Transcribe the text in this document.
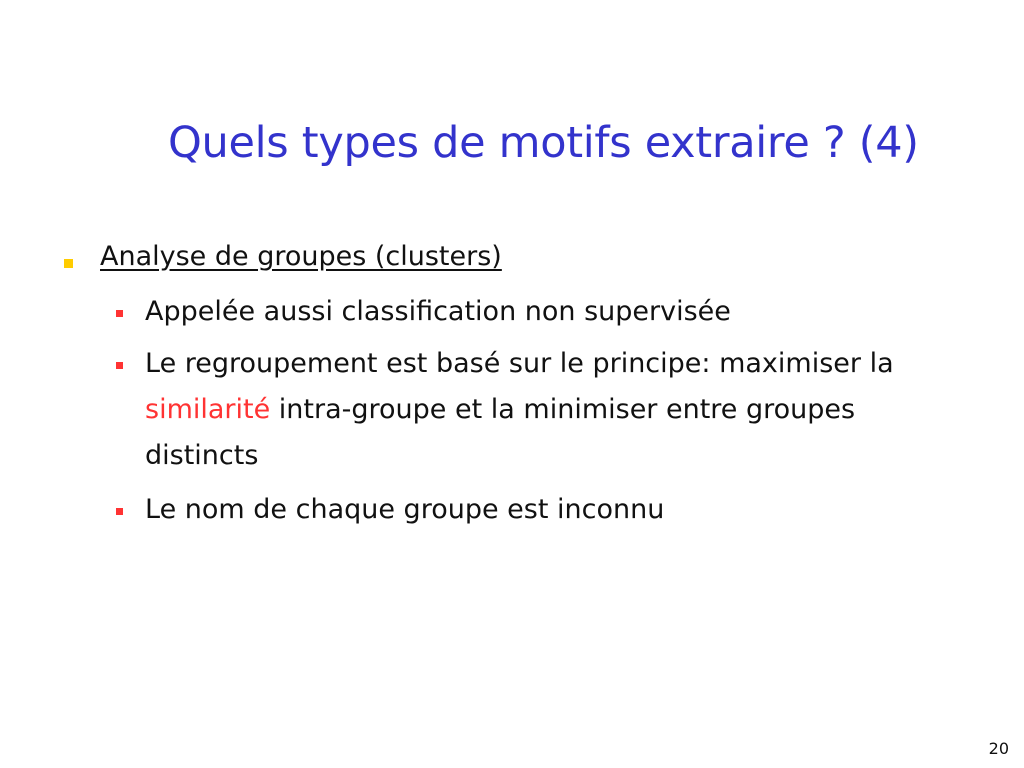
Quels types de motifs extraire ? (4)
Analyse de groupes (clusters)
Appelée aussi classification non supervisée
Le regroupement est basé sur le principe: maximiser la
similarité intra-groupe et la minimiser entre groupes
distincts
Le nom de chaque groupe est inconnu
20
